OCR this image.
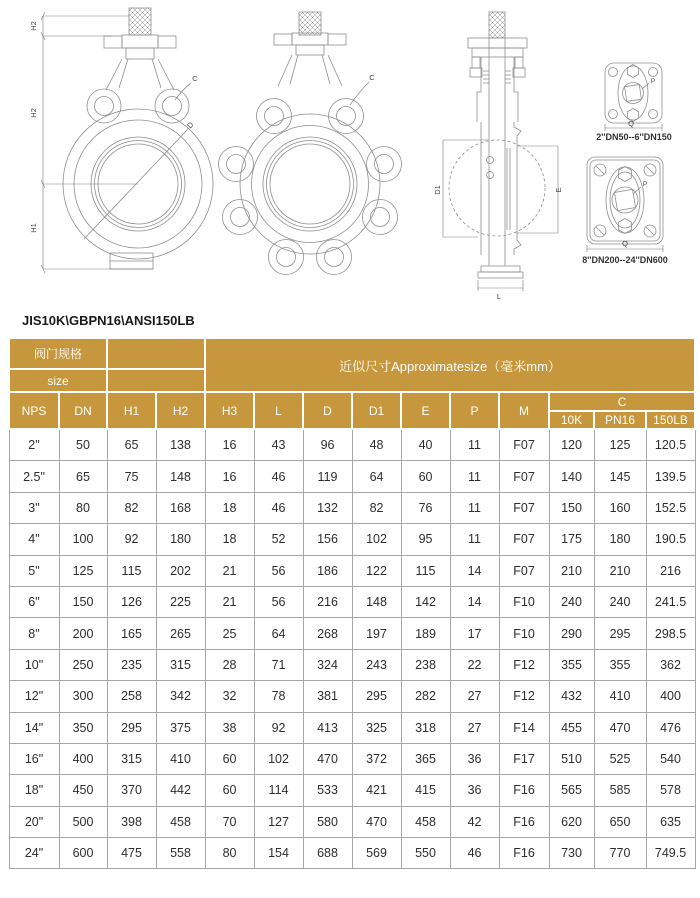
H2
H2
H1
C
D
C
D1	E
L
P
Q
P
Q
2''DN50--6''DN150
8''DN200--24''DN600
JIS10K\GBPN16\ANSI150LB
阀门规格				近似尺寸Approximatesize（毫米mm）									
size													
NPS	DN	H1	H2	H3	L	D	D1	E	P	M	C		
											10K	PN16	150LB
2"	50	65	138	16	43	96	48	40	11	F07	120	125	120.5
2.5"	65	75	148	16	46	119	64	60	11	F07	140	145	139.5
3"	80	82	168	18	46	132	82	76	11	F07	150	160	152.5
4"	100	92	180	18	52	156	102	95	11	F07	175	180	190.5
5"	125	115	202	21	56	186	122	115	14	F07	210	210	216
6"	150	126	225	21	56	216	148	142	14	F10	240	240	241.5
8"	200	165	265	25	64	268	197	189	17	F10	290	295	298.5
10"	250	235	315	28	71	324	243	238	22	F12	355	355	362
12"	300	258	342	32	78	381	295	282	27	F12	432	410	400
14"	350	295	375	38	92	413	325	318	27	F14	455	470	476
16"	400	315	410	60	102	470	372	365	36	F17	510	525	540
18"	450	370	442	60	114	533	421	415	36	F16	565	585	578
20"	500	398	458	70	127	580	470	458	42	F16	620	650	635
24"	600	475	558	80	154	688	569	550	46	F16	730	770	749.5
